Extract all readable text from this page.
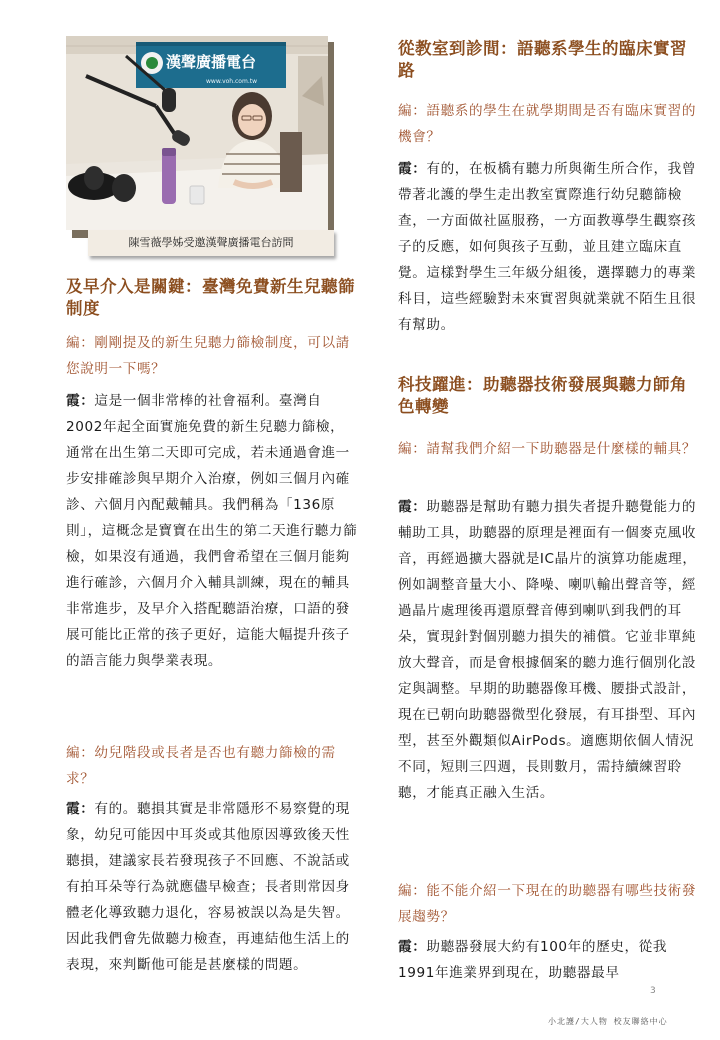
漢聲廣播電台
www.voh.com.tw
陳雪薇學姊受邀漢聲廣播電台訪問
及早介入是關鍵：臺灣免費新生兒聽篩制度

編：剛剛提及的新生兒聽力篩檢制度，可以請您說明一下嗎？

霞：這是一個非常棒的社會福利。臺灣自2002年起全面實施免費的新生兒聽力篩檢，通常在出生第二天即可完成，若未通過會進一步安排確診與早期介入治療，例如三個月內確診、六個月內配戴輔具。我們稱為「136原則」，這概念是寶寶在出生的第二天進行聽力篩檢，如果沒有通過，我們會希望在三個月能夠進行確診，六個月介入輔具訓練，現在的輔具非常進步，及早介入搭配聽語治療，口語的發展可能比正常的孩子更好，這能大幅提升孩子的語言能力與學業表現。

編：幼兒階段或長者是否也有聽力篩檢的需求？

霞：有的。聽損其實是非常隱形不易察覺的現象，幼兒可能因中耳炎或其他原因導致後天性聽損，建議家長若發現孩子不回應、不說話或有拍耳朵等行為就應儘早檢查；長者則常因身體老化導致聽力退化，容易被誤以為是失智。因此我們會先做聽力檢查，再連結他生活上的表現，來判斷他可能是甚麼樣的問題。

從教室到診間：語聽系學生的臨床實習路

編：語聽系的學生在就學期間是否有臨床實習的機會？

霞：有的，在板橋有聽力所與衛生所合作，我曾帶著北護的學生走出教室實際進行幼兒聽篩檢查，一方面做社區服務，一方面教導學生觀察孩子的反應，如何與孩子互動，並且建立臨床直覺。這樣對學生三年級分組後，選擇聽力的專業科目，這些經驗對未來實習與就業就不陌生且很有幫助。

科技躍進：助聽器技術發展與聽力師角色轉變

編：請幫我們介紹一下助聽器是什麼樣的輔具？

霞：助聽器是幫助有聽力損失者提升聽覺能力的輔助工具，助聽器的原理是裡面有一個麥克風收音，再經過擴大器就是IC晶片的演算功能處理，例如調整音量大小、降噪、喇叭輸出聲音等，經過晶片處理後再還原聲音傳到喇叭到我們的耳朵，實現針對個別聽力損失的補償。它並非單純放大聲音，而是會根據個案的聽力進行個別化設定與調整。早期的助聽器像耳機、腰掛式設計，現在已朝向助聽器微型化發展，有耳掛型、耳內型，甚至外觀類似AirPods。適應期依個人情況不同，短則三四週，長則數月，需持續練習聆聽，才能真正融入生活。

編：能不能介紹一下現在的助聽器有哪些技術發展趨勢？

霞：助聽器發展大約有100年的歷史，從我1991年進業界到現在，助聽器最早

3
小北護/大人物 校友聯絡中心
